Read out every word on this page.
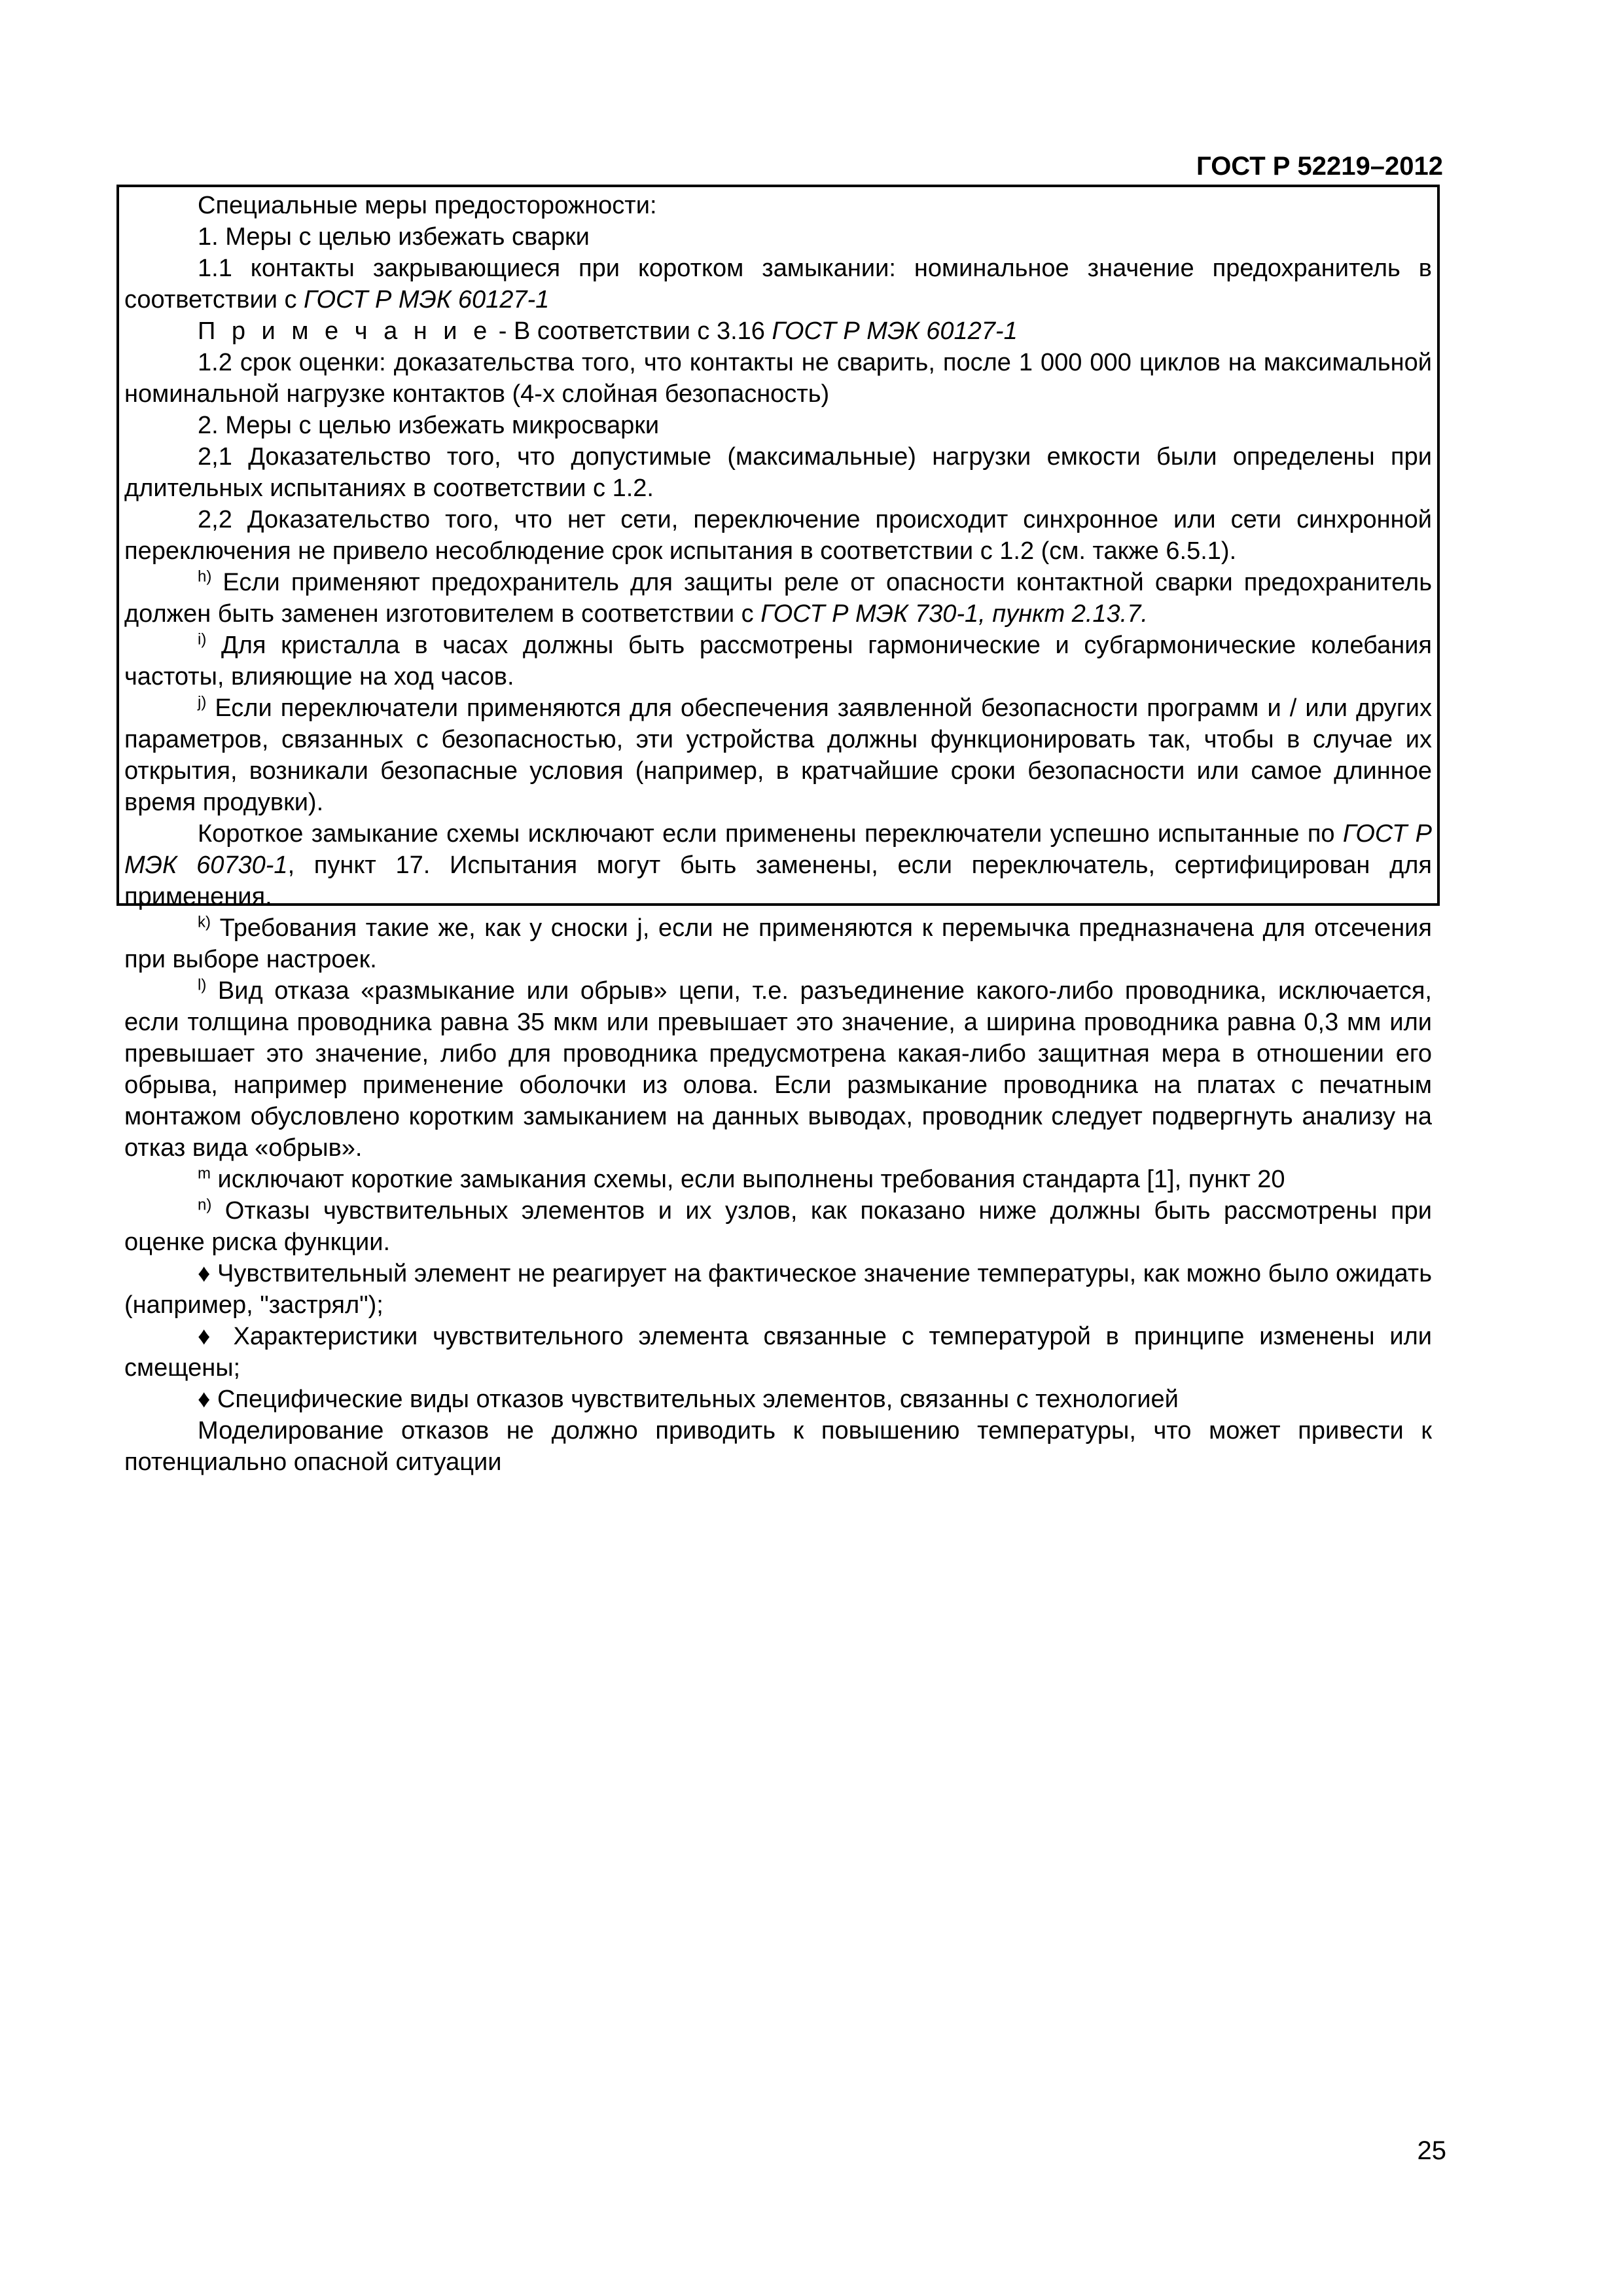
ГОСТ Р 52219–2012

Специальные меры предосторожности:

1. Меры с целью избежать сварки

1.1 контакты закрывающиеся при коротком замыкании: номинальное значение предохранитель в соответствии с ГОСТ Р МЭК 60127-1

П р и м е ч а н и е - В соответствии с 3.16 ГОСТ Р МЭК 60127-1

1.2 срок оценки: доказательства того, что контакты не сварить, после 1 000 000 циклов на максимальной номинальной нагрузке контактов (4-х слойная безопасность)

2. Меры с целью избежать микросварки

2,1 Доказательство того, что допустимые (максимальные) нагрузки емкости были определены при длительных испытаниях в соответствии с 1.2.

2,2 Доказательство того, что нет сети, переключение происходит синхронное или сети синхронной переключения не привело несоблюдение срок испытания в соответствии с 1.2 (см. также 6.5.1).

$^{h)}$ Если применяют предохранитель для защиты реле от опасности контактной сварки предохранитель должен быть заменен изготовителем в соответствии с ГОСТ Р МЭК 730-1, пункт 2.13.7.

$^{i)}$ Для кристалла в часах должны быть рассмотрены гармонические и субгармонические колебания частоты, влияющие на ход часов.

$^{j)}$ Если переключатели применяются для обеспечения заявленной безопасности программ и / или других параметров, связанных с безопасностью, эти устройства должны функционировать так, чтобы в случае их открытия, возникали безопасные условия (например, в кратчайшие сроки безопасности или самое длинное время продувки).

Короткое замыкание схемы исключают если применены переключатели успешно испытанные по ГОСТ Р МЭК 60730-1, пункт 17. Испытания могут быть заменены, если переключатель, сертифицирован для применения.

$^{k)}$ Требования такие же, как у сноски j, если не применяются к перемычка предназначена для отсечения при выборе настроек.

$^{l)}$ Вид отказа «размыкание или обрыв» цепи, т.е. разъединение какого-либо проводника, исключается, если толщина проводника равна 35 мкм или превышает это значение, а ширина проводника равна 0,3 мм или превышает это значение, либо для проводника предусмотрена какая-либо защитная мера в отношении его обрыва, например применение оболочки из олова. Если размыкание проводника на платах с печатным монтажом обусловлено коротким замыканием на данных выводах, проводник следует подвергнуть анализу на отказ вида «обрыв».

$^m$ исключают короткие замыкания схемы, если выполнены требования стандарта [1], пункт 20

$^{n)}$ Отказы чувствительных элементов и их узлов, как показано ниже должны быть рассмотрены при оценке риска функции.

♦ Чувствительный элемент не реагирует на фактическое значение температуры, как можно было ожидать (например, "застрял");

♦ Характеристики чувствительного элемента связанные с температурой в принципе изменены или смещены;

♦ Специфические виды отказов чувствительных элементов, связанны с технологией

Моделирование отказов не должно приводить к повышению температуры, что может привести к потенциально опасной ситуации

25
